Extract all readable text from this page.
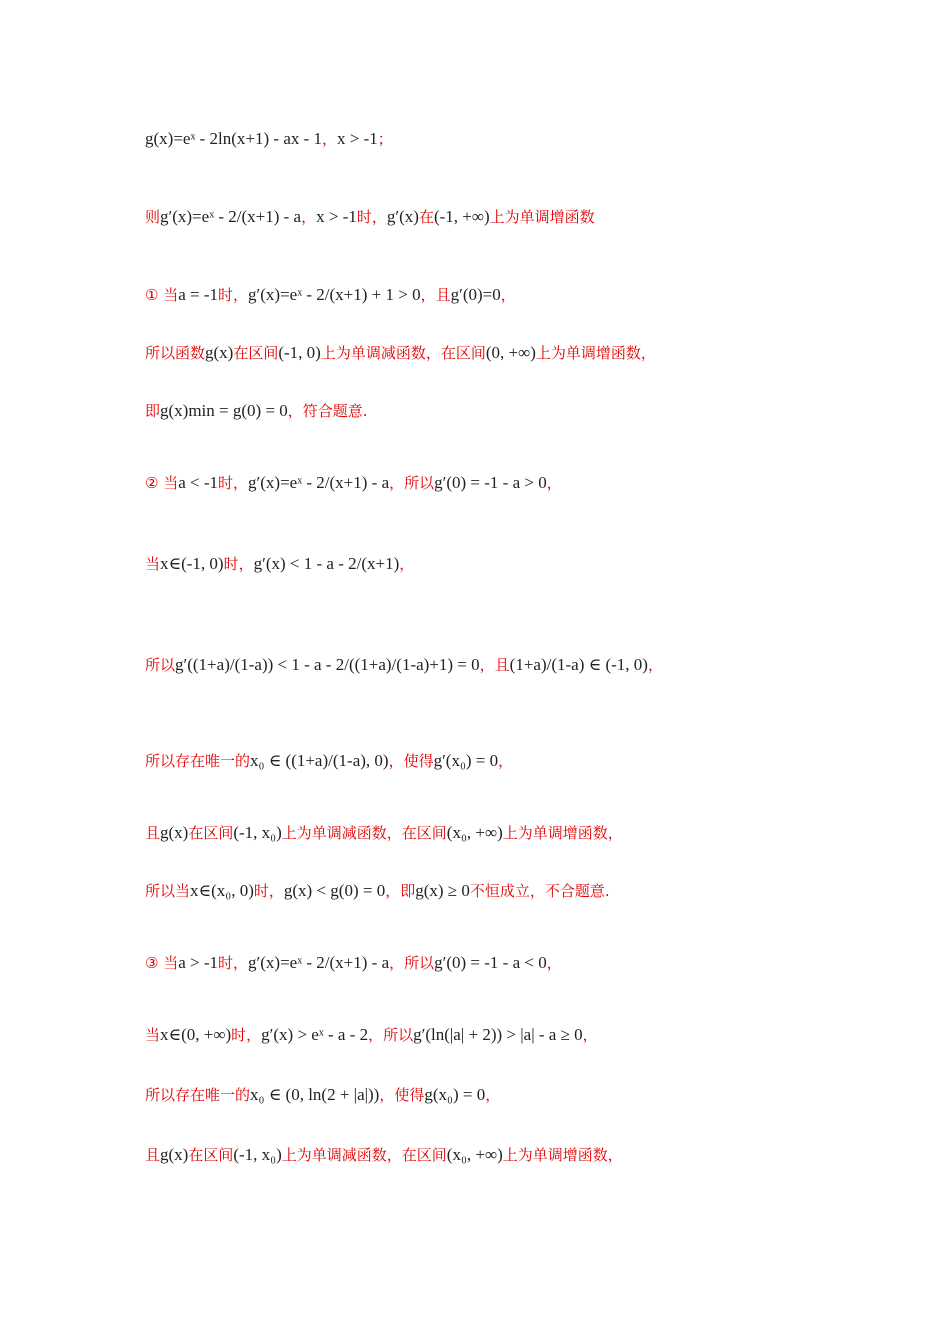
g(x)=eˣ - 2ln(x+1) - ax - 1，x > -1；
则g′(x)=eˣ - 2/(x+1) - a，x > -1时，g′(x)在(-1, +∞)上为单调增函数
① 当a = -1时，g′(x)=eˣ - 2/(x+1) + 1 > 0，且g′(0)=0，
所以函数g(x)在区间(-1, 0)上为单调减函数，在区间(0, +∞)上为单调增函数，
即g(x)min = g(0) = 0，符合题意.
② 当a < -1时，g′(x)=eˣ - 2/(x+1) - a，所以g′(0) = -1 - a > 0，
当x∈(-1, 0)时，g′(x) < 1 - a - 2/(x+1)，
所以g′((1+a)/(1-a)) < 1 - a - 2/((1+a)/(1-a)+1) = 0，且(1+a)/(1-a) ∈ (-1, 0)，
所以存在唯一的x₀ ∈ ((1+a)/(1-a), 0)，使得g′(x₀) = 0，
且g(x)在区间(-1, x₀)上为单调减函数，在区间(x₀, +∞)上为单调增函数，
所以当x∈(x₀, 0)时，g(x) < g(0) = 0，即g(x) ≥ 0不恒成立，不合题意.
③ 当a > -1时，g′(x)=eˣ - 2/(x+1) - a，所以g′(0) = -1 - a < 0，
当x∈(0, +∞)时，g′(x) > eˣ - a - 2，所以g′(ln(|a| + 2)) > |a| - a ≥ 0，
所以存在唯一的x₀ ∈ (0, ln(2 + |a|))，使得g(x₀) = 0，
且g(x)在区间(-1, x₀)上为单调减函数，在区间(x₀, +∞)上为单调增函数，
